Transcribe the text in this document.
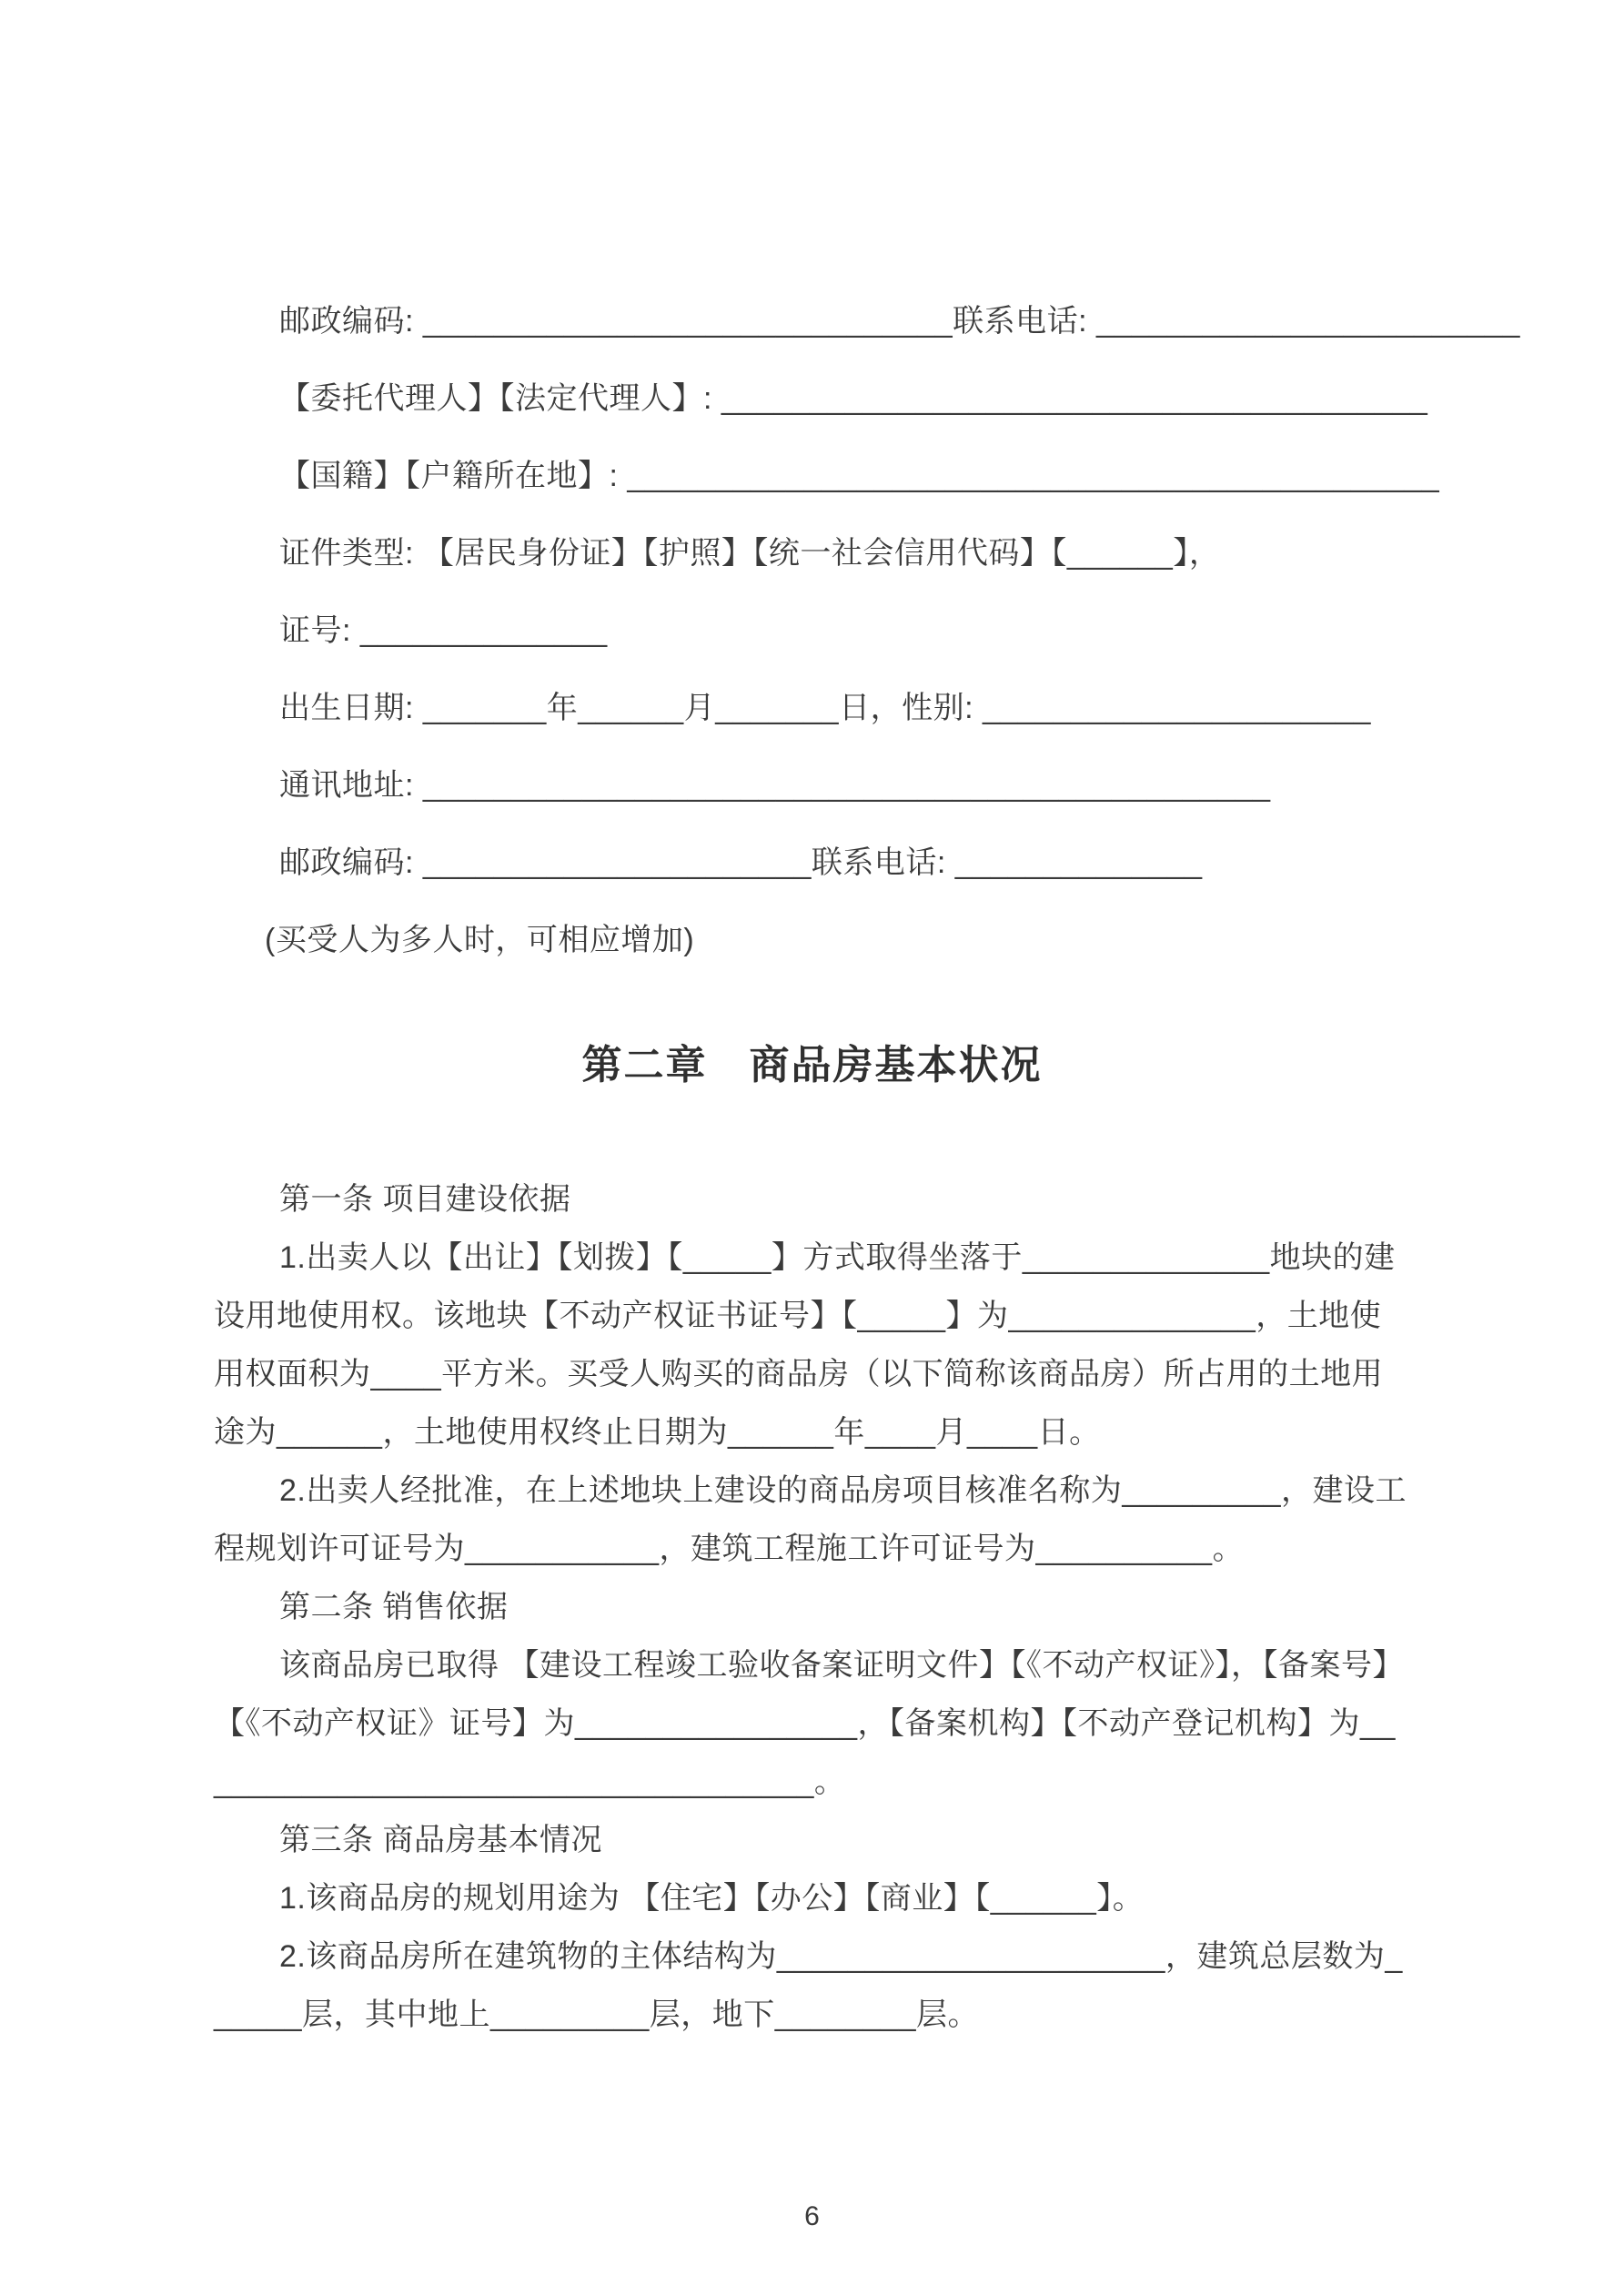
邮政编码: ______________________________联系电话: ________________________

【委托代理人】【法定代理人】: ________________________________________

【国籍】【户籍所在地】: ______________________________________________

证件类型: 【居民身份证】【护照】【统一社会信用代码】【______】，

证号: ______________

出生日期: _______年______月_______日，性别: ______________________

通讯地址: ________________________________________________

邮政编码: ______________________联系电话: ______________

(买受人为多人时，可相应增加)

第二章　商品房基本状况

第一条 项目建设依据

1.出卖人以【出让】【划拨】【_____】方式取得坐落于______________地块的建设用地使用权。该地块【不动产权证书证号】【_____】为______________，土地使用权面积为____平方米。买受人购买的商品房（以下简称该商品房）所占用的土地用途为______，土地使用权终止日期为______年____月____日。

2.出卖人经批准，在上述地块上建设的商品房项目核准名称为_________，建设工程规划许可证号为___________，建筑工程施工许可证号为__________。

第二条 销售依据

该商品房已取得 【建设工程竣工验收备案证明文件】【《不动产权证》】，【备案号】【《不动产权证》证号】为________________，【备案机构】【不动产登记机构】为____________________________________。

第三条 商品房基本情况

1.该商品房的规划用途为 【住宅】【办公】【商业】【______】。

2.该商品房所在建筑物的主体结构为______________________，建筑总层数为______层，其中地上_________层，地下________层。

6
